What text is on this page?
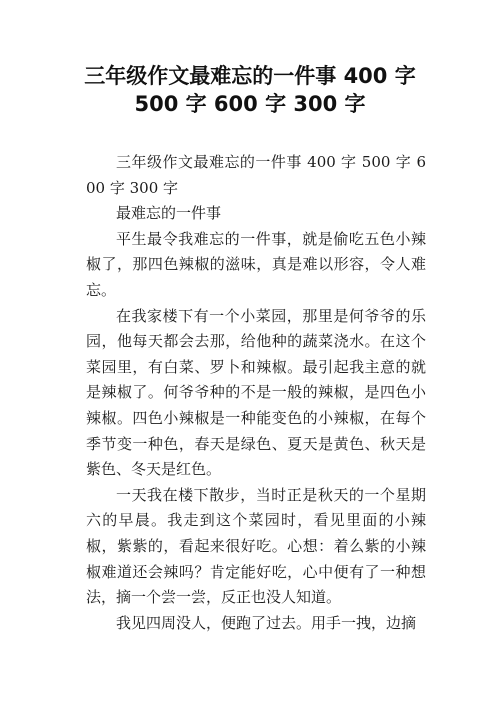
三年级作文最难忘的一件事 400 字
500 字 600 字 300 字

三年级作文最难忘的一件事 400 字 500 字 600 字 300 字

最难忘的一件事

平生最令我难忘的一件事，就是偷吃五色小辣椒了，那四色辣椒的滋味，真是难以形容，令人难忘。

在我家楼下有一个小菜园，那里是何爷爷的乐园，他每天都会去那，给他种的蔬菜浇水。在这个菜园里，有白菜、罗卜和辣椒。最引起我主意的就是辣椒了。何爷爷种的不是一般的辣椒，是四色小辣椒。四色小辣椒是一种能变色的小辣椒，在每个季节变一种色，春天是绿色、夏天是黄色、秋天是紫色、冬天是红色。

一天我在楼下散步，当时正是秋天的一个星期六的早晨。我走到这个菜园时，看见里面的小辣椒，紫紫的，看起来很好吃。心想：着么紫的小辣椒难道还会辣吗？肯定能好吃，心中便有了一种想法，摘一个尝一尝，反正也没人知道。

我见四周没人，便跑了过去。用手一拽，边摘
